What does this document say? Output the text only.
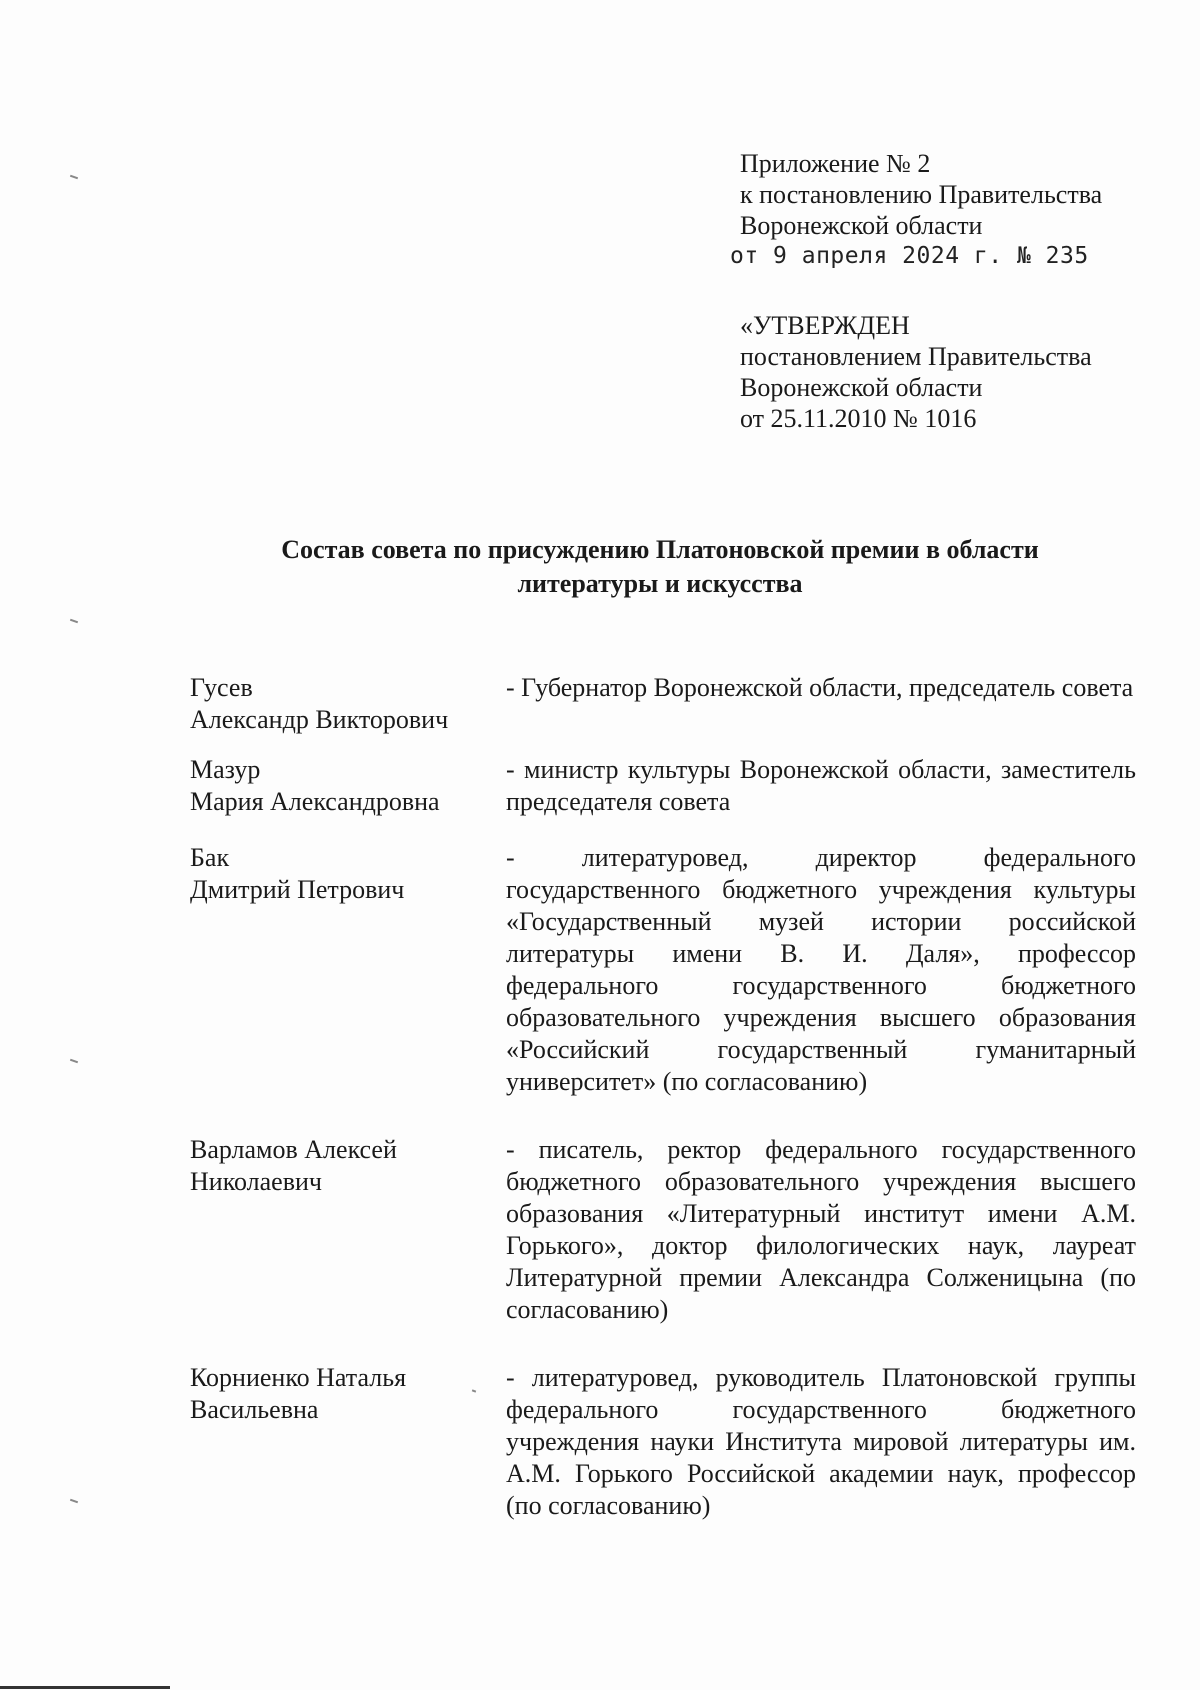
Приложение № 2
к постановлению Правительства
Воронежской области
от 9 апреля 2024 г. № 235
«УТВЕРЖДЕН
постановлением Правительства
Воронежской области
от 25.11.2010 № 1016
Состав совета по присуждению Платоновской премии в области
литературы и искусства
Гусев
Александр Викторович
- Губернатор Воронежской области, председатель совета
Мазур
Мария Александровна
- министр культуры Воронежской области, заместитель председателя совета
Бак
Дмитрий Петрович
- литературовед, директор федерального государственного бюджетного учреждения культуры «Государственный музей истории российской литературы имени В. И. Даля», профессор федерального государственного бюджетного образовательного учреждения высшего образования «Российский государственный гуманитарный университет» (по согласованию)
Варламов Алексей
Николаевич
- писатель, ректор федерального государственного бюджетного образовательного учреждения высшего образования «Литературный институт имени А.М. Горького», доктор филологических наук, лауреат Литературной премии Александра Солженицына (по согласованию)
Корниенко Наталья
Васильевна
- литературовед, руководитель Платоновской группы федерального государственного бюджетного учреждения науки Института мировой литературы им. А.М. Горького Российской академии наук, профессор (по согласованию)
